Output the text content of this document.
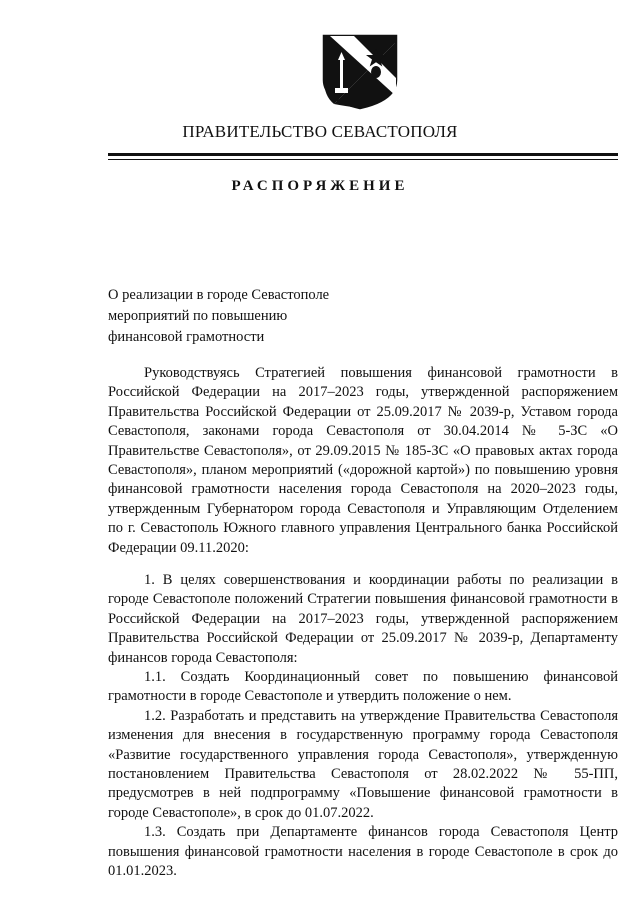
ПРАВИТЕЛЬСТВО СЕВАСТОПОЛЯ
РАСПОРЯЖЕНИЕ
О реализации в городе Севастополе
мероприятий по повышению
финансовой грамотности

Руководствуясь Стратегией повышения финансовой грамотности в Российской Федерации на 2017–2023 годы, утвержденной распоряжением Правительства Российской Федерации от 25.09.2017 № 2039-р, Уставом города Севастополя, законами города Севастополя от 30.04.2014 № 5-ЗС «О Правительстве Севастополя», от 29.09.2015 № 185-ЗС «О правовых актах города Севастополя», планом мероприятий («дорожной картой») по повышению уровня финансовой грамотности населения города Севастополя на 2020–2023 годы, утвержденным Губернатором города Севастополя и Управляющим Отделением по г. Севастополь Южного главного управления Центрального банка Российской Федерации 09.11.2020:

1. В целях совершенствования и координации работы по реализации в городе Севастополе положений Стратегии повышения финансовой грамотности в Российской Федерации на 2017–2023 годы, утвержденной распоряжением Правительства Российской Федерации от 25.09.2017 № 2039-р, Департаменту финансов города Севастополя:

1.1. Создать Координационный совет по повышению финансовой грамотности в городе Севастополе и утвердить положение о нем.

1.2. Разработать и представить на утверждение Правительства Севастополя изменения для внесения в государственную программу города Севастополя «Развитие государственного управления города Севастополя», утвержденную постановлением Правительства Севастополя от 28.02.2022 № 55-ПП, предусмотрев в ней подпрограмму «Повышение финансовой грамотности в городе Севастополе», в срок до 01.07.2022.

1.3. Создать при Департаменте финансов города Севастополя Центр повышения финансовой грамотности населения в городе Севастополе в срок до 01.01.2023.
